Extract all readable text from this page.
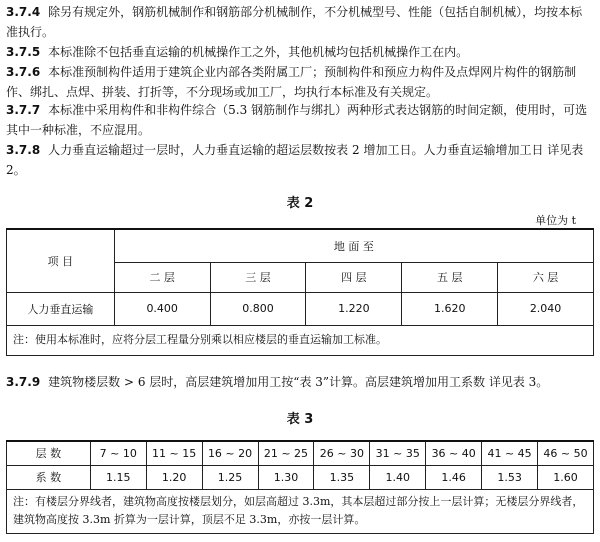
3.7.4 除另有规定外，钢筋机械制作和钢筋部分机械制作，不分机械型号、性能（包括自制机械），均按本标准执行。
3.7.5 本标准除不包括垂直运输的机械操作工之外，其他机械均包括机械操作工在内。
3.7.6 本标准预制构件适用于建筑企业内部各类附属工厂；预制构件和预应力构件及点焊网片构件的钢筋制作、绑扎、点焊、拼装、打折等，不分现场或加工厂，均执行本标准及有关规定。
3.7.7 本标准中采用构件和非构件综合（5.3 钢筋制作与绑扎）两种形式表达钢筋的时间定额，使用时，可选其中一种标准，不应混用。
3.7.8 人力垂直运输超过一层时，人力垂直运输的超运层数按表 2 增加工日。人力垂直运输增加工日 详见表 2。
表 2
单位为 t
项 目	地 面 至				
	二 层	三 层	四 层	五 层	六 层
人力垂直运输	0.400	0.800	1.220	1.620	2.040
注：使用本标准时，应将分层工程量分别乘以相应楼层的垂直运输加工标准。					
3.7.9 建筑物楼层数 > 6 层时，高层建筑增加用工按“表 3”计算。高层建筑增加用工系数 详见表 3。
表 3
层 数	7 ~ 10	11 ~ 15	16 ~ 20	21 ~ 25	26 ~ 30	31 ~ 35	36 ~ 40	41 ~ 45	46 ~ 50
系 数	1.15	1.20	1.25	1.30	1.35	1.40	1.46	1.53	1.60

注：有楼层分界线者，建筑物高度按楼层划分，如层高超过 3.3m，其本层超过部分按上一层计算；无楼层分界线者，
建筑物高度按 3.3m 折算为一层计算，顶层不足 3.3m，亦按一层计算。									
